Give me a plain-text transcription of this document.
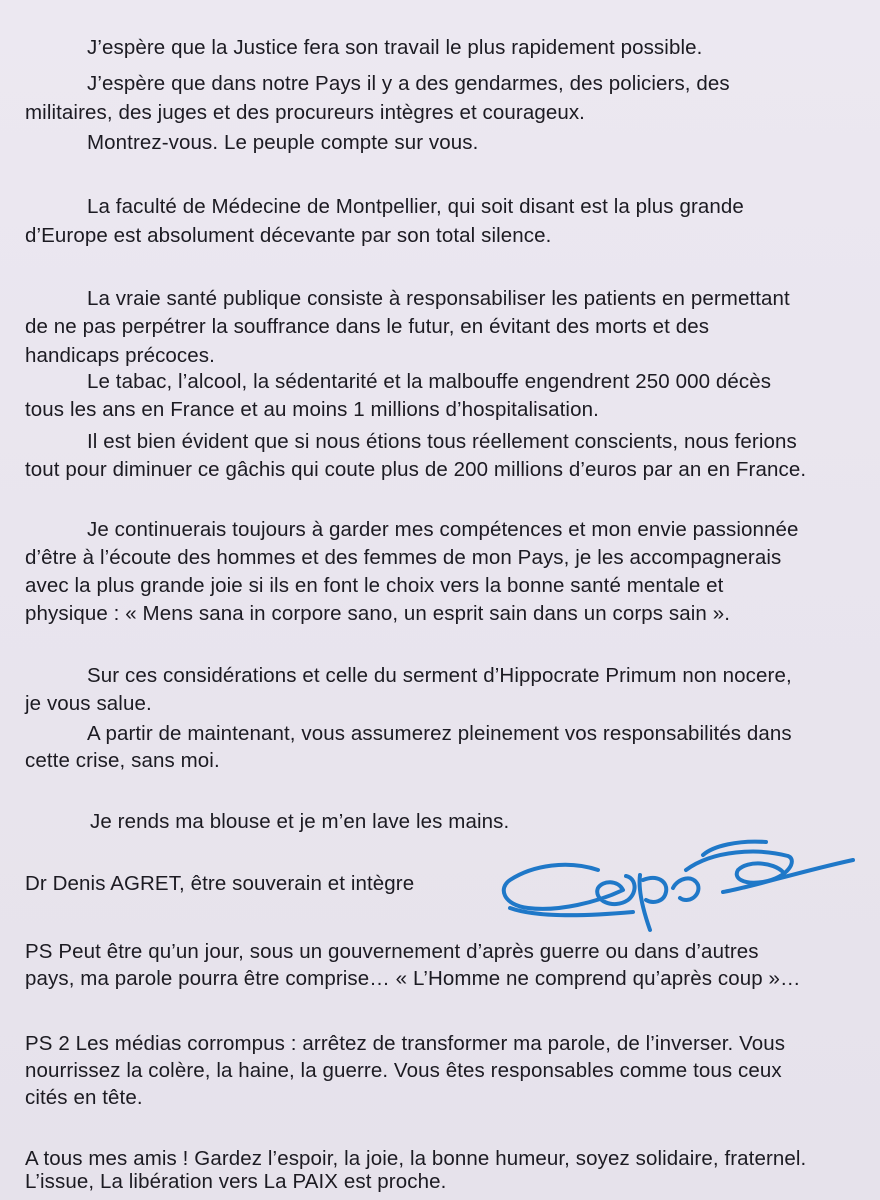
J’espère que la Justice fera son travail le plus rapidement possible.
J’espère que dans notre Pays il y a des gendarmes, des policiers, des
militaires, des juges et des procureurs intègres et courageux.
Montrez-vous. Le peuple compte sur vous.
La faculté de Médecine de Montpellier, qui soit disant est la plus grande
d’Europe est absolument décevante par son total silence.
La vraie santé publique consiste à responsabiliser les patients en permettant
de ne pas perpétrer la souffrance dans le futur, en évitant des morts et des
handicaps précoces.
Le tabac, l’alcool, la sédentarité et la malbouffe engendrent 250 000 décès
tous les ans en France et au moins 1 millions d’hospitalisation.
Il est bien évident que si nous étions tous réellement conscients, nous ferions
tout pour diminuer ce gâchis qui coute plus de 200 millions d’euros par an en France.
Je continuerais toujours à garder mes compétences et mon envie passionnée
d’être à l’écoute des hommes et des femmes de mon Pays, je les accompagnerais
avec la plus grande joie si ils en font le choix vers la bonne santé mentale et
physique : « Mens sana in corpore sano, un esprit sain dans un corps sain ».
Sur ces considérations et celle du serment d’Hippocrate Primum non nocere,
je vous salue.
A partir de maintenant, vous assumerez pleinement vos responsabilités dans
cette crise, sans moi.
Je rends ma blouse et je m’en lave les mains.
Dr Denis AGRET, être souverain et intègre
PS Peut être qu’un jour, sous un gouvernement d’après guerre ou dans d’autres
pays, ma parole pourra être comprise… « L’Homme ne comprend qu’après coup »…
PS 2 Les médias corrompus : arrêtez de transformer ma parole, de l’inverser. Vous
nourrissez la colère, la haine, la guerre. Vous êtes responsables comme tous ceux
cités en tête.
A tous mes amis ! Gardez l’espoir, la joie, la bonne humeur, soyez solidaire, fraternel.
L’issue, La libération vers La PAIX est proche.
